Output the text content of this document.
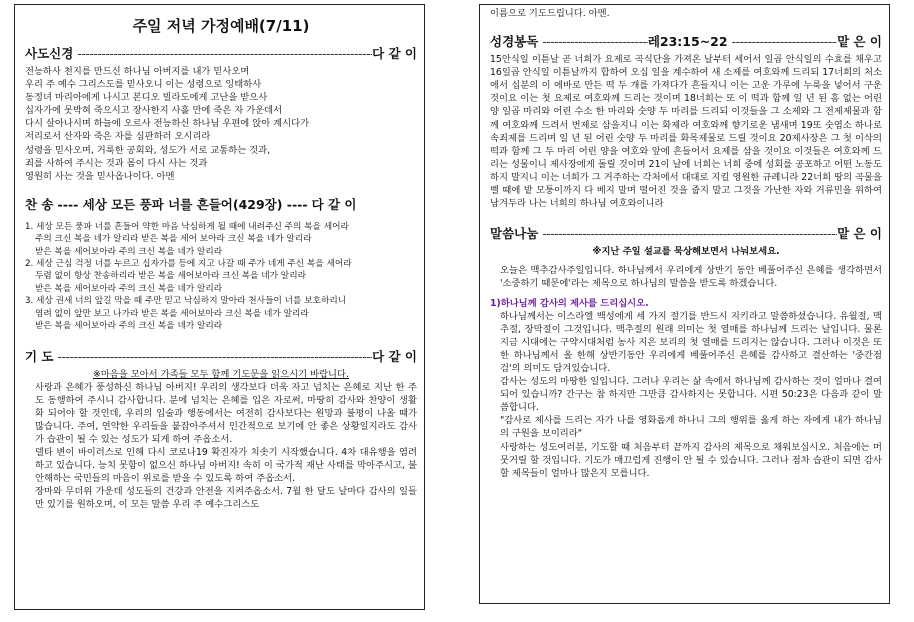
주일 저녁 가정예배(7/11)
사도신경 -----	다 같 이
전능하사 천지를 만드신 하나님 아버지를 내가 믿사오며
우리 주 예수 그리스도를 믿사오니 이는 성령으로 잉태하사
동정녀 마리아에게 나시고 본디오 빌라도에게 고난을 받으사
십자가에 못박혀 죽으시고 장사한지 사흘 만에 죽은 자 가운데서
다시 살아나시며 하늘에 오르사 전능하신 하나님 우편에 앉아 계시다가
저리로서 산자와 죽은 자를 심판하러 오시리라
성령을 믿사오며, 거룩한 공회와, 성도가 서로 교통하는 것과,
죄를 사하여 주시는 것과 몸이 다시 사는 것과
영원히 사는 것을 믿사옵나이다. 아멘
찬 송 ---- 세상 모든 풍파 너를 흔들어(429장) ---- 다 같 이
1. 세상 모든 풍파 너를 흔들어 약한 마음 낙심하게 될 때에 내려주신 주의 복을 세어라
주의 크신 복을 네가 알리라 받은 복을 세어 보아라 크신 복을 네가 알리라
받은 복을 세어보아라 주의 크신 복을 네가 알리라
2. 세상 근심 걱정 너를 누르고 십자가를 등에 지고 나갈 때 주가 네게 주신 복을 세어라
두렴 없이 항상 찬송하리라 받은 복을 세어보아라 크신 복을 네가 알리라
받은 복을 세어보아라 주의 크신 복을 네가 알리라
3. 세상 권세 너의 앞길 막을 때 주만 믿고 낙심하지 말아라 천사들이 너를 보호하리니
염려 없이 앞만 보고 나가라 받은 복을 세어보아라 크신 복을 네가 알리라
받은 복을 세어보아라 주의 크신 복을 네가 알리라
기 도 -----	다 같 이
※마음을 모아서 가족들 모두 함께 기도문을 읽으시기 바랍니다.
사랑과 은혜가 풍성하신 하나님 아버지! 우리의 생각보다 더욱 자고 넘치는 은혜로 지난 한 주도 동행하여 주시니 감사합니다. 분에 넘치는 은혜를 입은 자로써, 마땅히 감사와 찬양이 생활화 되어야 할 것인데, 우리의 입술과 행동에서는 여전히 감사보다는 원망과 불평이 나올 때가 많습니다. 주여, 연약한 우리들을 붙잡아주셔서 인간적으로 보기에 안 좋은 상황일지라도 감사가 습관이 될 수 있는 성도가 되게 하여 주옵소서.
델타 변이 바이러스로 인해 다시 코로나19 확진자가 치솟기 시작했습니다. 4차 대유행을 염려하고 있습니다. 능치 못함이 없으신 하나님 아버지! 속히 이 국가적 재난 사태를 막아주시고, 불안해하는 국민들의 마음이 위로를 받을 수 있도록 하여 주옵소서.
장마와 무더위 가운데 성도들의 건강과 안전을 지켜주옵소서. 7월 한 달도 날마다 감사의 일들만 있기를 원하오며, 이 모든 말씀 우리 주 예수그리스도
이름으로 기도드립니다. 아멘.
성경봉독 -----	레23:15~22 -----	맡 은 이
15안식일 이튿날 곧 너희가 요제로 곡식단을 가져온 날부터 세어서 일곱 안식일의 수효를 채우고 16일곱 안식일 이튿날까지 합하여 오십 일을 계수하여 새 소제를 여호와께 드리되 17너희의 처소에서 십분의 이 에바로 만든 떡 두 개를 가져다가 흔들지니 이는 고운 가루에 누룩을 넣어서 구운 것이요 이는 첫 요제로 여호와께 드리는 것이며 18너희는 또 이 떡과 함께 일 년 된 흠 없는 어린 양 일곱 마리와 어린 수소 한 마리와 숫양 두 마리를 드리되 이것들을 그 소제와 그 전제제물과 함께 여호와께 드려서 번제로 삼을지니 이는 화제라 여호와께 향기로운 냄새며 19또 숫염소 하나로 속죄제를 드리며 일 년 된 어린 숫양 두 마리를 화목제물로 드릴 것이요 20제사장은 그 첫 이삭의 떡과 함께 그 두 마리 어린 양을 여호와 앞에 흔들어서 요제를 삼을 것이요 이것들은 여호와께 드리는 성물이니 제사장에게 돌릴 것이며 21이 날에 너희는 너희 중에 성회를 공포하고 어떤 노동도 하지 말지니 이는 너희가 그 거주하는 각처에서 대대로 지킬 영원한 규례니라 22너희 땅의 곡물을 벨 때에 밭 모퉁이까지 다 베지 말며 떨어진 것을 줍지 말고 그것을 가난한 자와 거류민을 위하여 남겨두라 나는 너희의 하나님 여호와이니라
말씀나눔 -----	맡 은 이
※지난 주일 설교를 묵상해보면서 나눠보세요.
오늘은 맥추감사주일입니다. 하나님께서 우리에게 상반기 동안 베풀어주신 은혜를 생각하면서 '소중하기 때문에'라는 제목으로 하나님의 말씀을 받도록 하겠습니다.
1)하나님께 감사의 제사를 드리십시오.
하나님께서는 이스라엘 백성에게 세 가지 절기를 반드시 지키라고 말씀하셨습니다. 유월절, 맥추절, 장막절이 그것입니다. 맥추절의 원래 의미는 첫 열매를 하나님께 드리는 날입니다. 물론 지금 시대에는 구약시대처럼 농사 지은 보리의 첫 열매를 드리지는 않습니다. 그러나 이것은 또한 하나님께서 올 한해 상반기동안 우리에게 베풀어주신 은혜를 감사하고 결산하는 '중간점검'의 의미도 담겨있습니다.
감사는 성도의 마땅한 일입니다. 그러나 우리는 삶 속에서 하나님께 감사하는 것이 얼마나 결여되어 있습니까? 간구는 참 하지만 그만큼 감사하지는 못합니다. 시편 50:23은 다음과 같이 말씀합니다.
"감사로 제사를 드리는 자가 나를 영화롭게 하나니 그의 행위를 옳게 하는 자에게 내가 하나님의 구원을 보이리라"
사랑하는 성도여러분, 기도할 때 처음부터 끝까지 감사의 제목으로 채워보십시오. 처음에는 머뭇거릴 할 것입니다. 기도가 매끄럽게 진행이 안 될 수 있습니다. 그러나 점차 습관이 되면 감사할 제목들이 얼마나 많은지 모릅니다.
